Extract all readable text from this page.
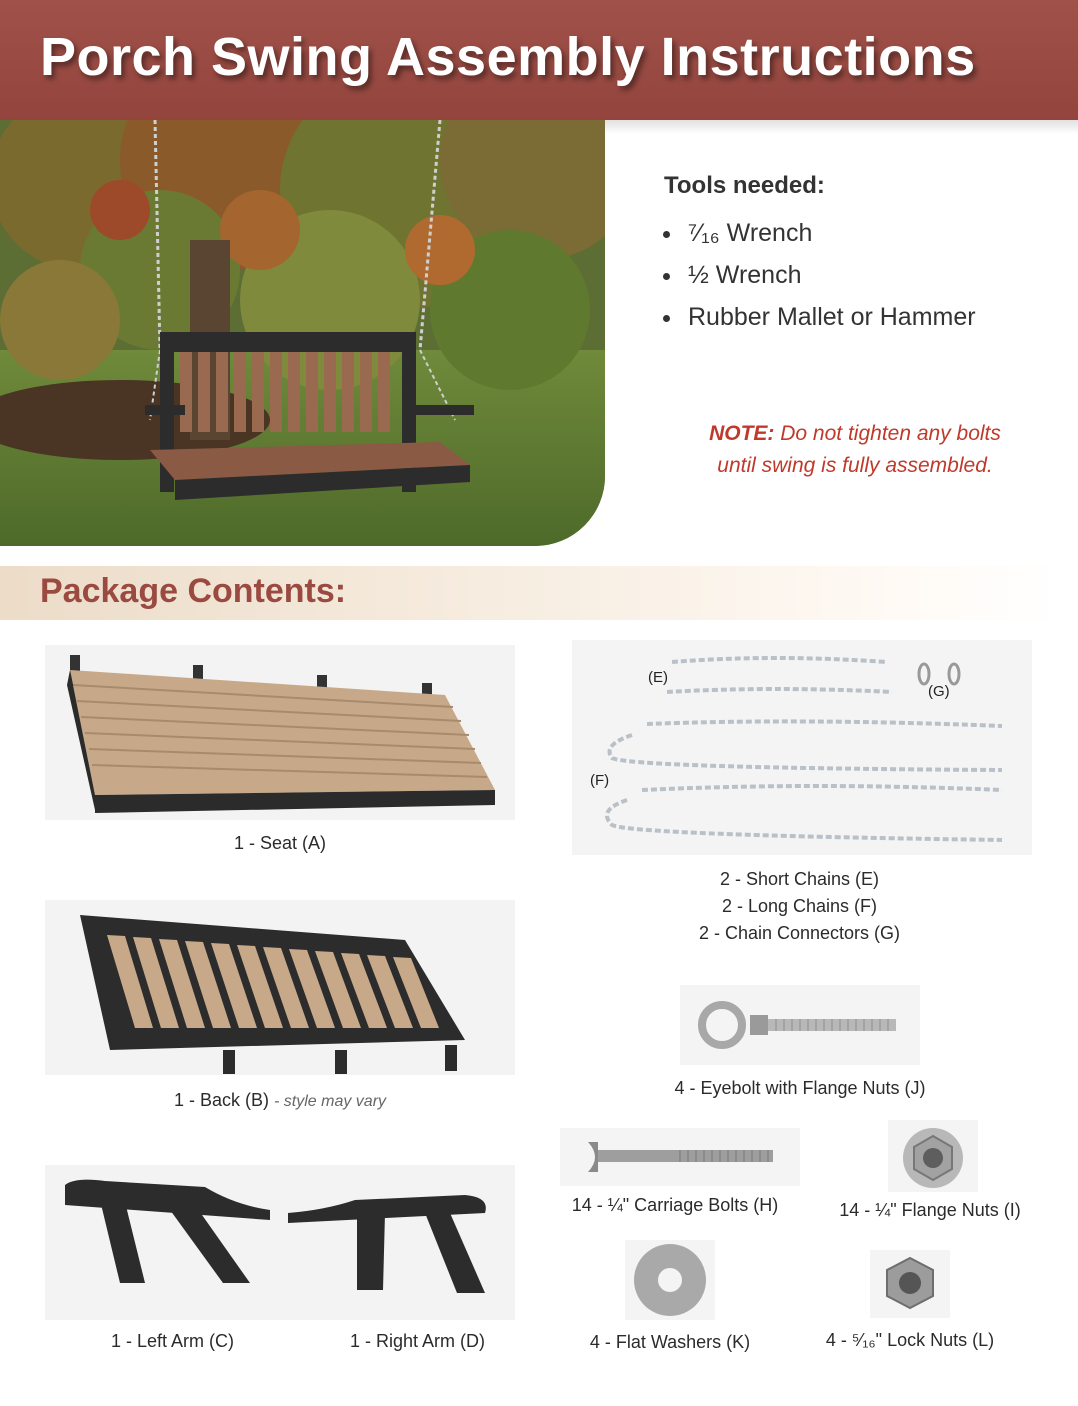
Porch Swing Assembly Instructions
Tools needed:
• ⁷⁄₁₆ Wrench
• ½ Wrench
• Rubber Mallet or Hammer
NOTE: Do not tighten any bolts until swing is fully assembled.
Package Contents:
1 - Seat (A)
1 - Back (B) - style may vary
1 - Left Arm (C)	1 - Right Arm (D)
(E)
(G)
(F)
2 - Short Chains (E)
2 - Long Chains (F)
2 - Chain Connectors (G)
4 - Eyebolt with Flange Nuts (J)
14 - ¼" Carriage Bolts (H)	14 - ¼" Flange Nuts (I)
4 - Flat Washers (K)	4 - ⁵⁄₁₆" Lock Nuts (L)
